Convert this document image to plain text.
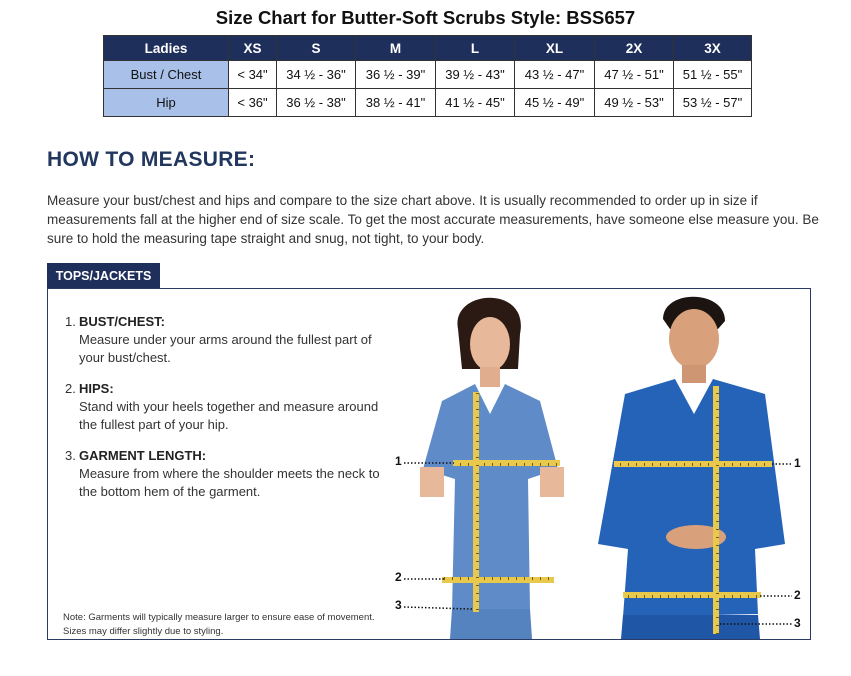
Size Chart for Butter-Soft Scrubs Style: BSS657
Ladies	XS	S	M	L	XL	2X	3X
Bust / Chest	< 34"	34 ½ - 36"	36 ½ - 39"	39 ½ - 43"	43 ½ - 47"	47 ½ - 51"	51 ½ - 55"
Hip	< 36"	36 ½ - 38"	38 ½ - 41"	41 ½ - 45"	45 ½ - 49"	49 ½ - 53"	53 ½ - 57"
HOW TO MEASURE:
Measure your bust/chest and hips and compare to the size chart above. It is usually recommended to order up in size if measurements fall at the higher end of size scale. To get the most accurate measurements, have someone else measure you. Be sure to hold the measuring tape straight and snug, not tight, to your body.
TOPS/JACKETS
1. BUST/CHEST:
Measure under your arms around the fullest part of your bust/chest.
2. HIPS:
Stand with your heels together and measure around the fullest part of your hip.
3. GARMENT LENGTH:
Measure from where the shoulder meets the neck to the bottom hem of the garment.
Note: Garments will typically measure larger to ensure ease of movement. Sizes may differ slightly due to styling.
1
2
3
1
2
3
